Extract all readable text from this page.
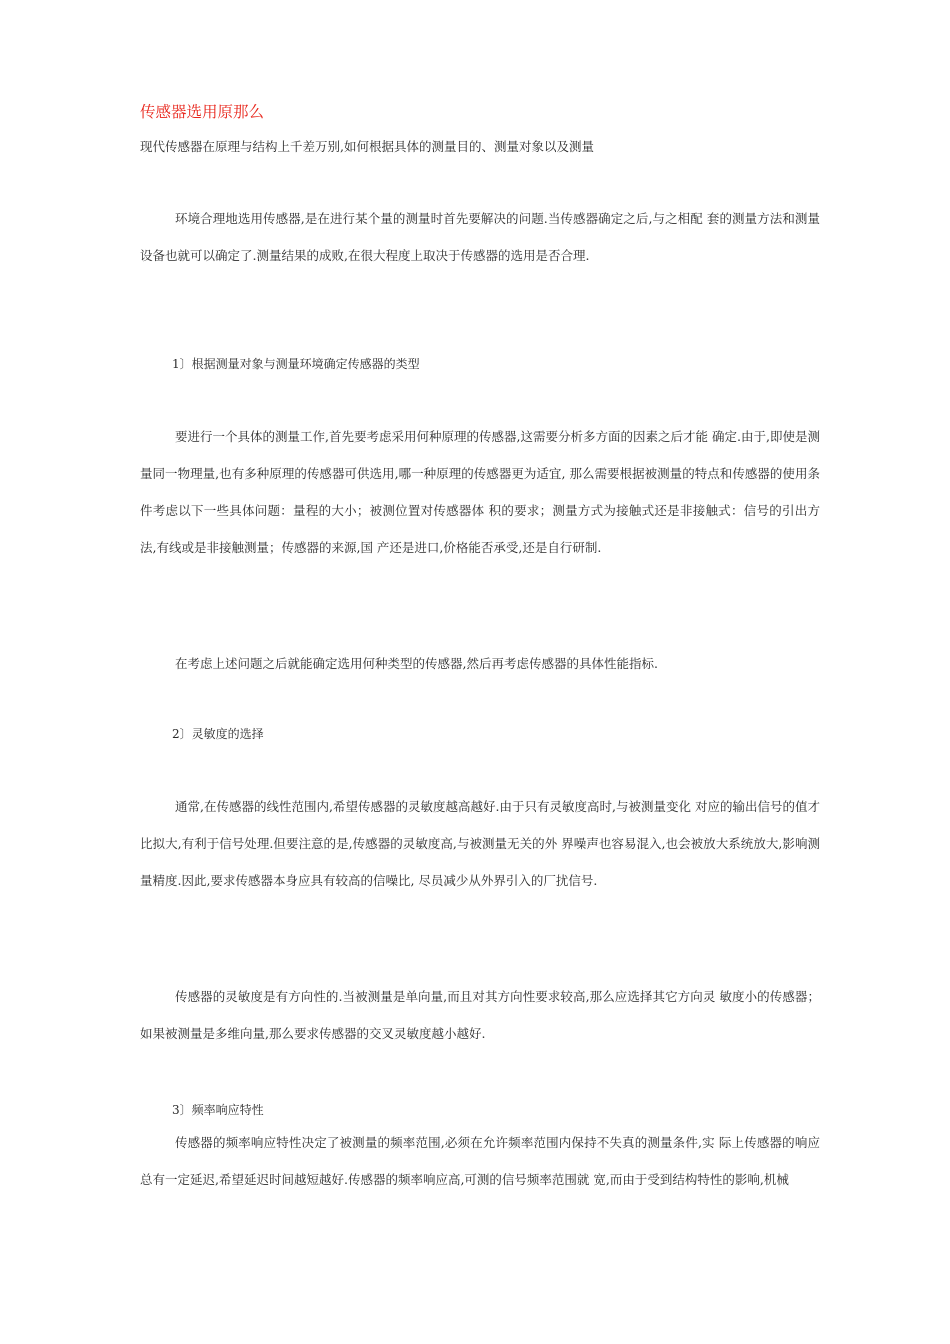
传感器选用原那么

现代传感器在原理与结构上千差万别,如何根据具体的测量目的、测量对象以及测量

环境合理地选用传感器,是在进行某个量的测量时首先要解决的问题.当传感器确定之后,与之相配 套的测量方法和测量设备也就可以确定了.测量结果的成败,在很大程度上取决于传感器的选用是否合理.

1〕根据测量对象与测量环境确定传感器的类型

要进行一个具体的测量工作,首先要考虑采用何种原理的传感器,这需要分析多方面的因素之后才能 确定.由于,即使是测量同一物理量,也有多种原理的传感器可供选用,哪一种原理的传感器更为适宜, 那么需要根据被测量的特点和传感器的使用条件考虑以下一些具体问题：量程的大小；被测位置对传感器体 积的要求；测量方式为接触式还是非接触式：信号的引出方法,有线或是非接触测量；传感器的来源,国 产还是进口,价格能否承受,还是自行研制.

在考虑上述问题之后就能确定选用何种类型的传感器,然后再考虑传感器的具体性能指标.

2〕灵敏度的选择

通常,在传感器的线性范围内,希望传感器的灵敏度越高越好.由于只有灵敏度高时,与被测量变化 对应的输出信号的值才比拟大,有利于信号处理.但要注意的是,传感器的灵敏度高,与被测量无关的外 界噪声也容易混入,也会被放大系统放大,影响测量精度.因此,要求传感器本身应具有较高的信噪比, 尽员减少从外界引入的厂扰信号.

传感器的灵敏度是有方向性的.当被测量是单向量,而且对其方向性要求较高,那么应选择其它方向灵 敏度小的传感器；如果被测量是多维向量,那么要求传感器的交叉灵敏度越小越好.

3〕频率响应特性

传感器的频率响应特性决定了被测量的频率范围,必须在允许频率范围内保持不失真的测量条件,实 际上传感器的响应总有一定延迟,希望延迟时间越短越好.传感器的频率响应高,可测的信号频率范围就 宽,而由于受到结构特性的影响,机械
